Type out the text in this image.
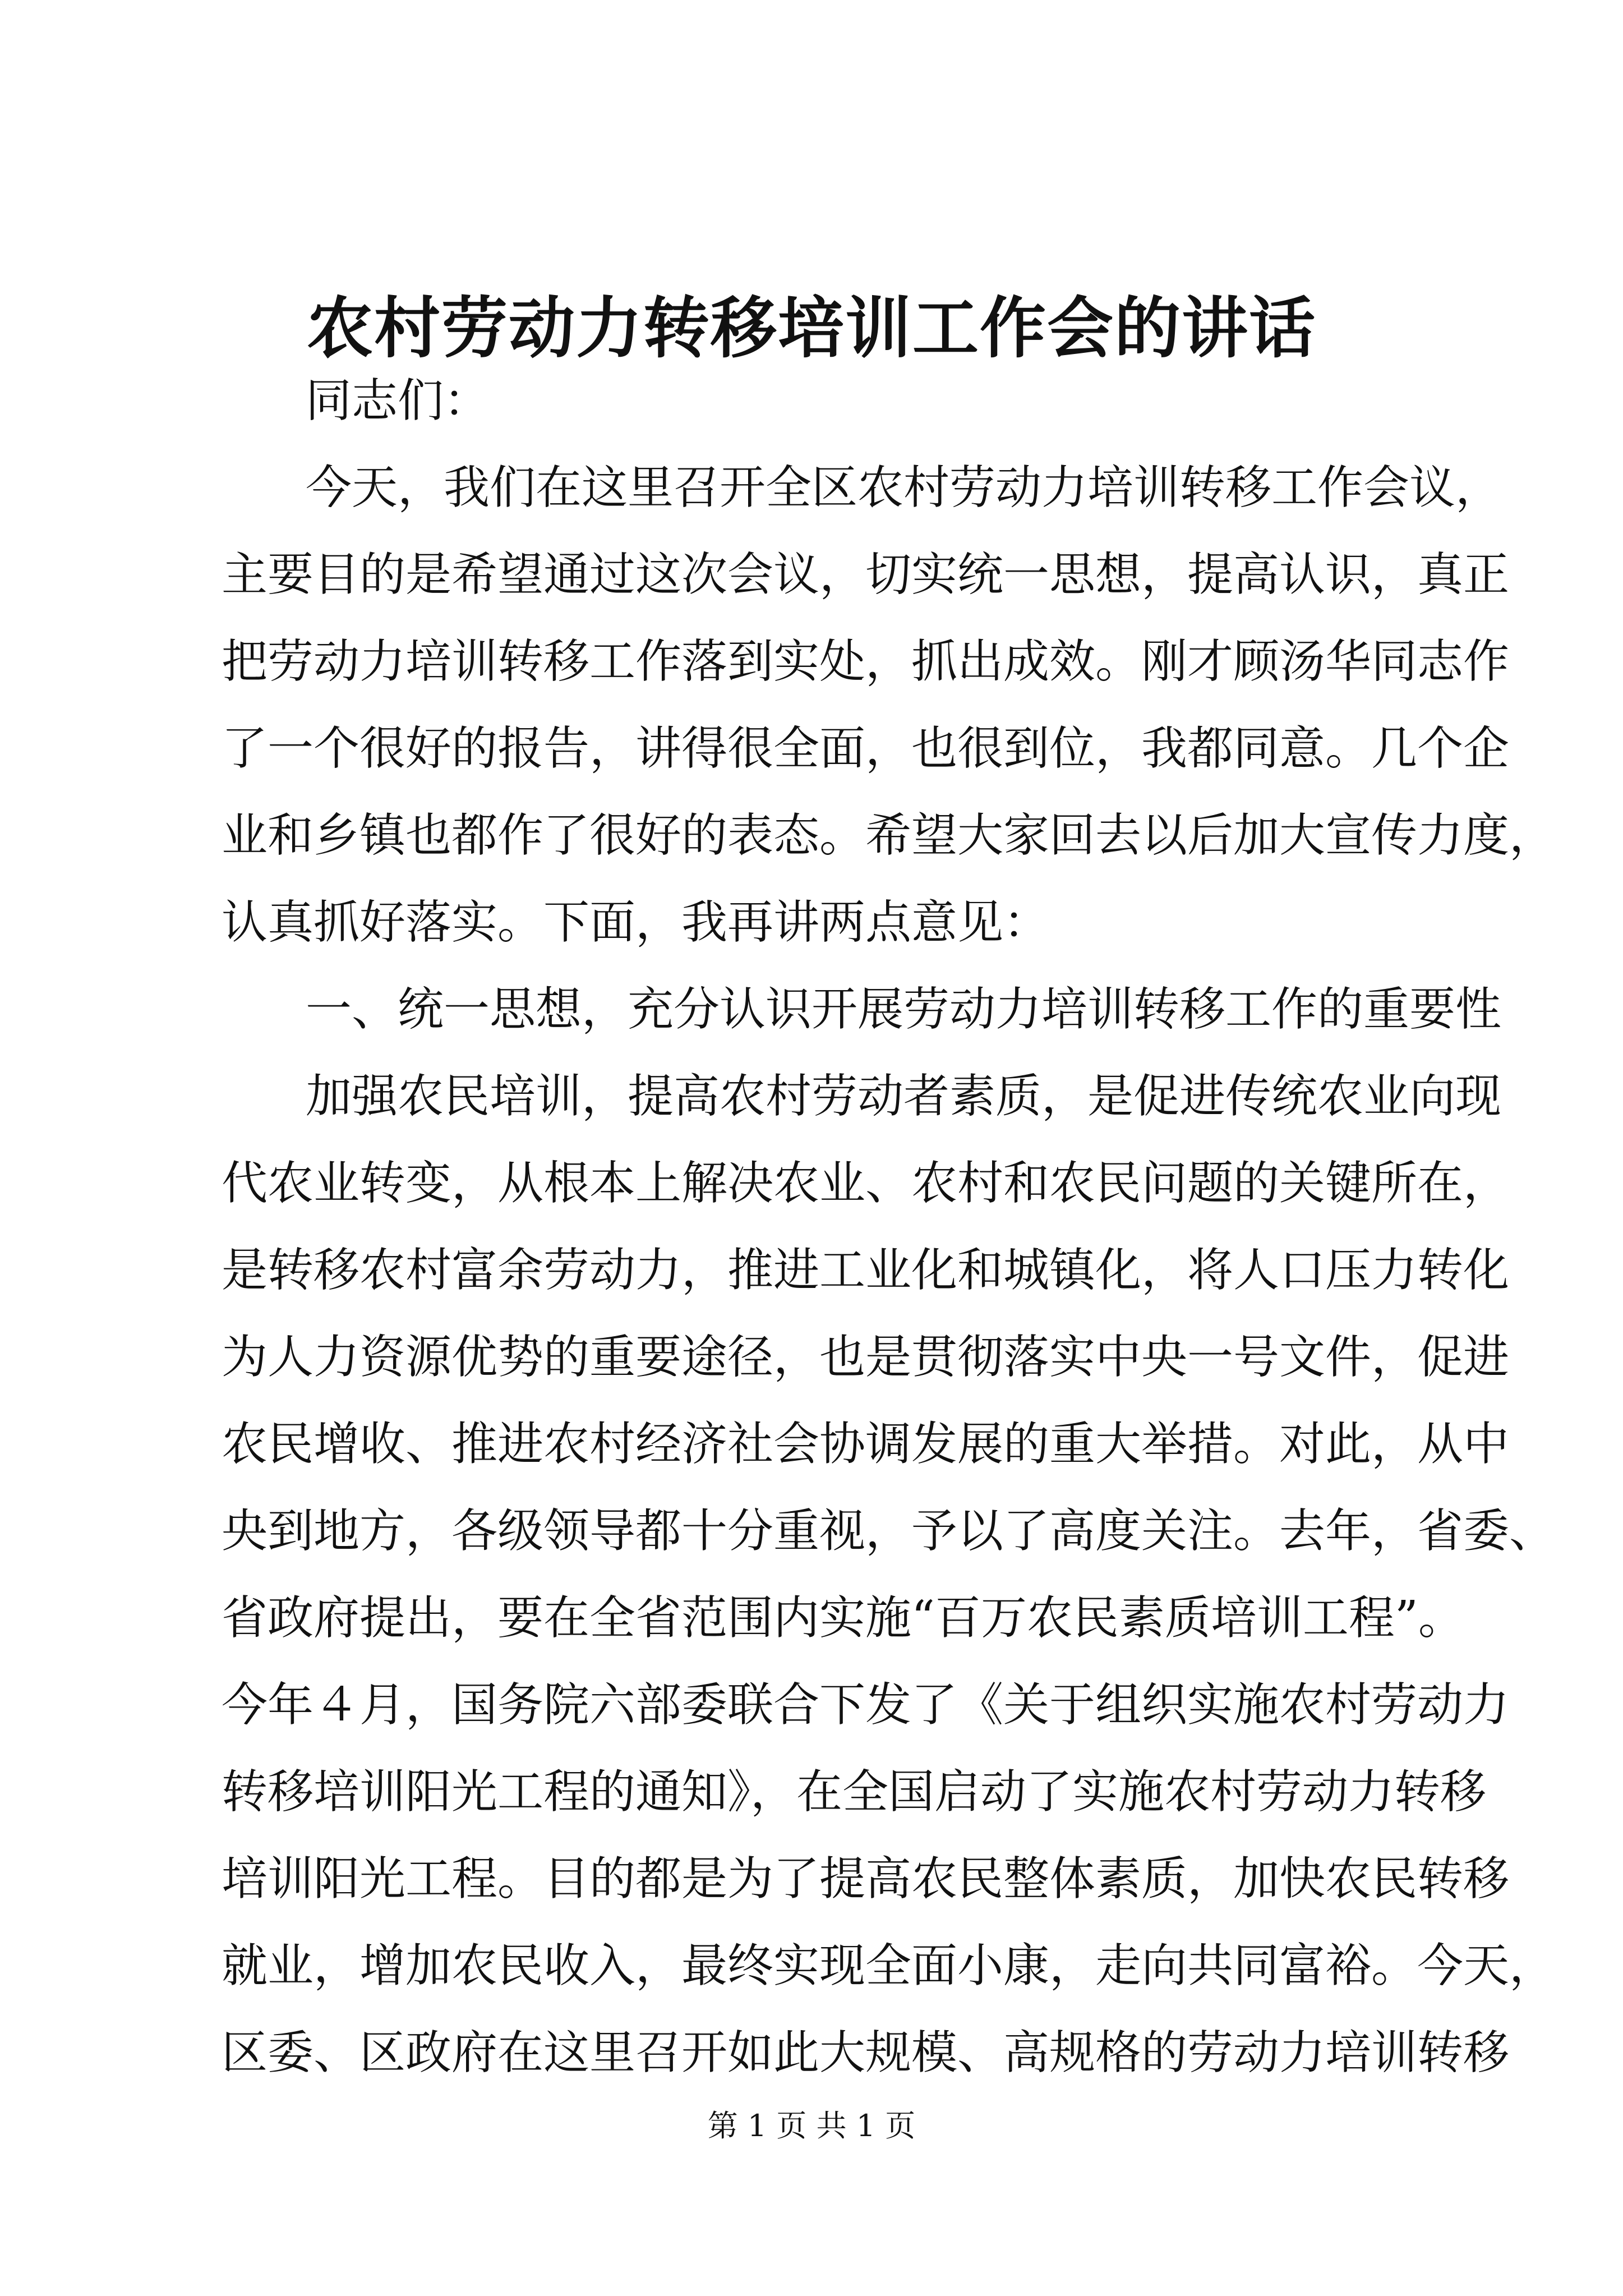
农村劳动力转移培训工作会的讲话
同志们：
今天，我们在这里召开全区农村劳动力培训转移工作会议，
主要目的是希望通过这次会议，切实统一思想，提高认识，真正
把劳动力培训转移工作落到实处，抓出成效。刚才顾汤华同志作
了一个很好的报告，讲得很全面，也很到位，我都同意。几个企
业和乡镇也都作了很好的表态。希望大家回去以后加大宣传力度，
认真抓好落实。下面，我再讲两点意见：
一、统一思想，充分认识开展劳动力培训转移工作的重要性
加强农民培训，提高农村劳动者素质，是促进传统农业向现
代农业转变，从根本上解决农业、农村和农民问题的关键所在，
是转移农村富余劳动力，推进工业化和城镇化，将人口压力转化
为人力资源优势的重要途径，也是贯彻落实中央一号文件，促进
农民增收、推进农村经济社会协调发展的重大举措。对此，从中
央到地方，各级领导都十分重视，予以了高度关注。去年，省委、
省政府提出，要在全省范围内实施“百万农民素质培训工程”。
今年４月，国务院六部委联合下发了《关于组织实施农村劳动力
转移培训阳光工程的通知》，在全国启动了实施农村劳动力转移
培训阳光工程。目的都是为了提高农民整体素质，加快农民转移
就业，增加农民收入，最终实现全面小康，走向共同富裕。今天，
区委、区政府在这里召开如此大规模、高规格的劳动力培训转移
第 1 页 共 1 页
